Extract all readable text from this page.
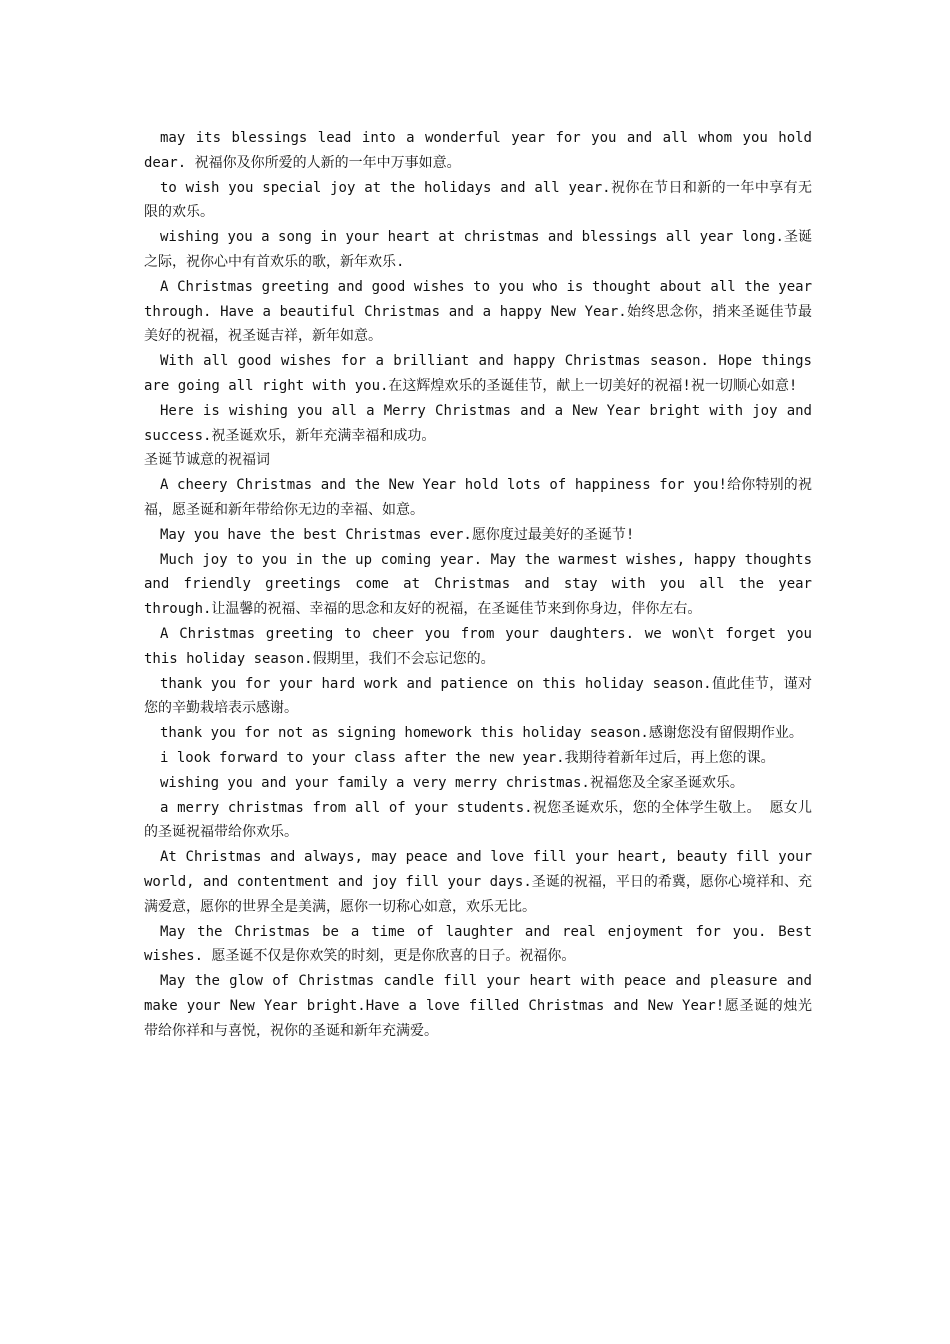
may its blessings lead into a wonderful year for you and all whom you hold dear. 祝福你及你所爱的人新的一年中万事如意。

to wish you special joy at the holidays and all year.祝你在节日和新的一年中享有无限的欢乐。

wishing you a song in your heart at christmas and blessings all year long.圣诞之际，祝你心中有首欢乐的歌，新年欢乐.

A Christmas greeting and good wishes to you who is thought about all the year through. Have a beautiful Christmas and a happy New Year.始终思念你，捎来圣诞佳节最美好的祝福，祝圣诞吉祥，新年如意。

With all good wishes for a brilliant and happy Christmas season. Hope things are going all right with you.在这辉煌欢乐的圣诞佳节，献上一切美好的祝福!祝一切顺心如意!

Here is wishing you all a Merry Christmas and a New Year bright with joy and success.祝圣诞欢乐，新年充满幸福和成功。

圣诞节诚意的祝福词

A cheery Christmas and the New Year hold lots of happiness for you!给你特别的祝福，愿圣诞和新年带给你无边的幸福、如意。

May you have the best Christmas ever.愿你度过最美好的圣诞节!

Much joy to you in the up coming year. May the warmest wishes, happy thoughts and friendly greetings come at Christmas and stay with you all the year through.让温馨的祝福、幸福的思念和友好的祝福，在圣诞佳节来到你身边，伴你左右。

A Christmas greeting to cheer you from your daughters. we won\t forget you this holiday season.假期里，我们不会忘记您的。

thank you for your hard work and patience on this holiday season.值此佳节，谨对您的辛勤栽培表示感谢。

thank you for not as signing homework this holiday season.感谢您没有留假期作业。

i look forward to your class after the new year.我期待着新年过后，再上您的课。

wishing you and your family a very merry christmas.祝福您及全家圣诞欢乐。

a merry christmas from all of your students.祝您圣诞欢乐，您的全体学生敬上。 愿女儿的圣诞祝福带给你欢乐。

At Christmas and always, may peace and love fill your heart, beauty fill your world, and contentment and joy fill your days.圣诞的祝福，平日的希冀，愿你心境祥和、充满爱意，愿你的世界全是美满，愿你一切称心如意，欢乐无比。

May the Christmas be a time of laughter and real enjoyment for you. Best wishes. 愿圣诞不仅是你欢笑的时刻，更是你欣喜的日子。祝福你。

May the glow of Christmas candle fill your heart with peace and pleasure and make your New Year bright.Have a love filled Christmas and New Year!愿圣诞的烛光带给你祥和与喜悦，祝你的圣诞和新年充满爱。
